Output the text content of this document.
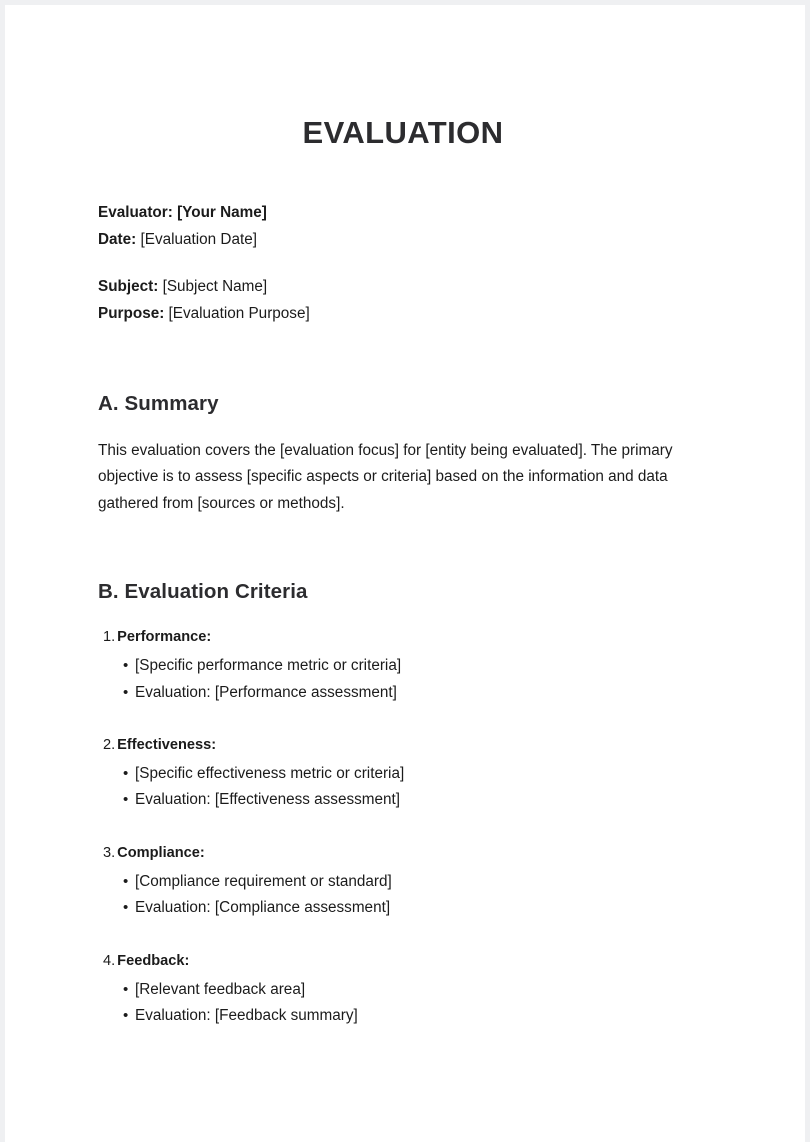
EVALUATION
Evaluator: [Your Name]
Date: [Evaluation Date]
Subject: [Subject Name]
Purpose: [Evaluation Purpose]
A. Summary

This evaluation covers the [evaluation focus] for [entity being evaluated]. The primary objective is to assess [specific aspects or criteria] based on the information and data gathered from [sources or methods].

B. Evaluation Criteria
1. Performance:
• [Specific performance metric or criteria]
• Evaluation: [Performance assessment]
2. Effectiveness:
• [Specific effectiveness metric or criteria]
• Evaluation: [Effectiveness assessment]
3. Compliance:
• [Compliance requirement or standard]
• Evaluation: [Compliance assessment]
4. Feedback:
• [Relevant feedback area]
• Evaluation: [Feedback summary]
